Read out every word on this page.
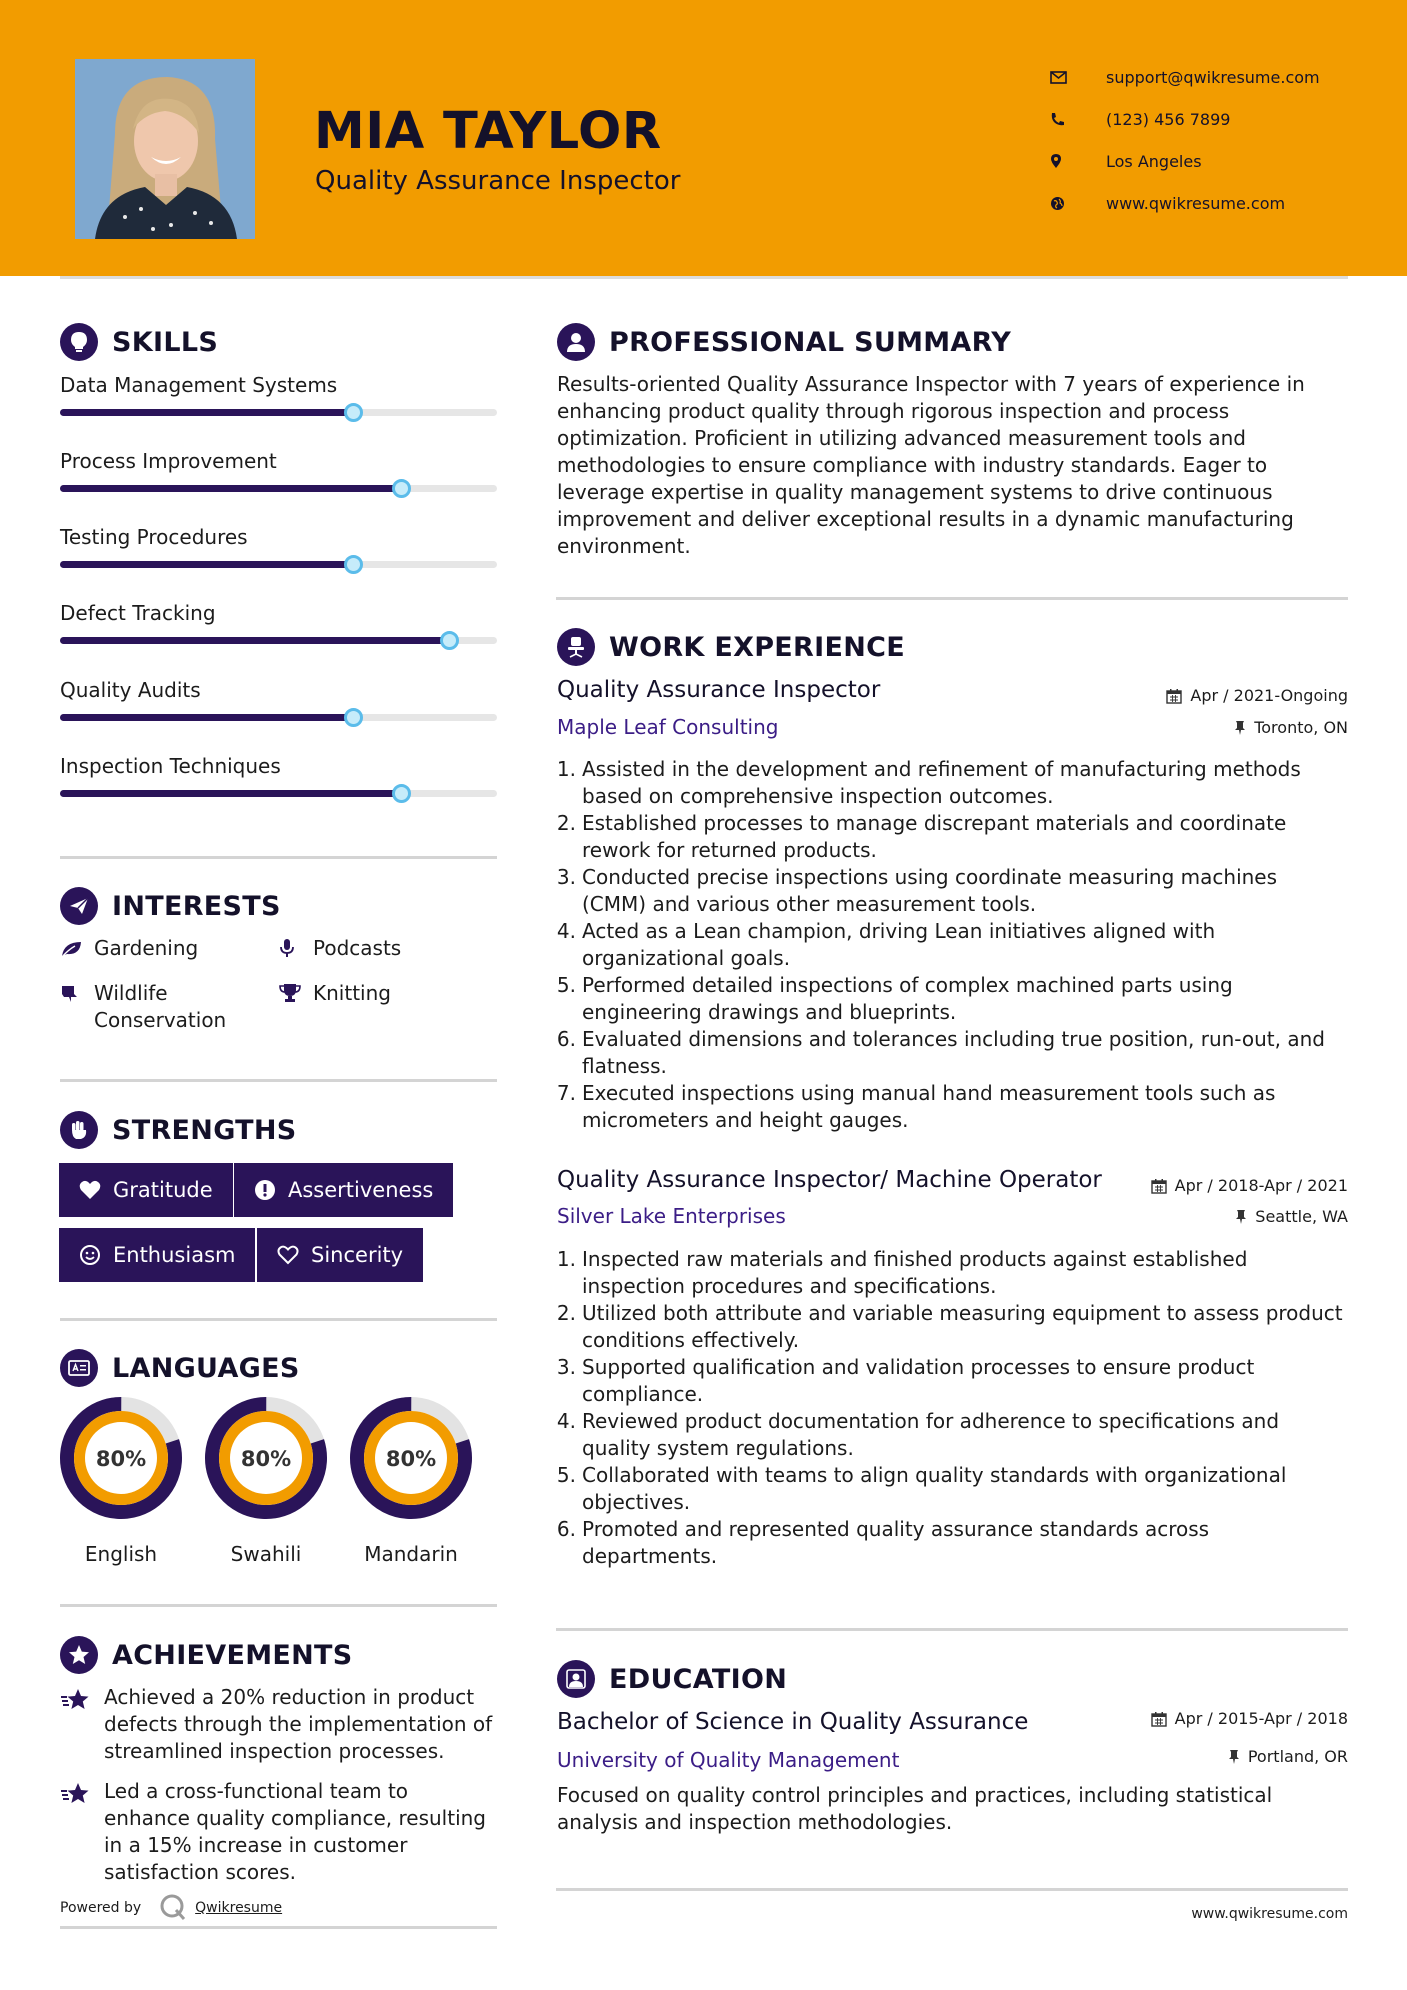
MIA TAYLOR
Quality Assurance Inspector
support@qwikresume.com
(123) 456 7899
Los Angeles
www.qwikresume.com
SKILLS
Data Management Systems
Process Improvement
Testing Procedures
Defect Tracking
Quality Audits
Inspection Techniques
INTERESTS
Gardening	Podcasts
Wildlife Conservation
Knitting
STRENGTHS
Gratitude	Assertiveness
Enthusiasm	Sincerity
LANGUAGES
80%
English
80%
Swahili
80%
Mandarin
ACHIEVEMENTS
Achieved a 20% reduction in product defects through the implementation of streamlined inspection processes.
Led a cross-functional team to enhance quality compliance, resulting in a 15% increase in customer satisfaction scores.
Powered by	Qwikresume
PROFESSIONAL SUMMARY
Results-oriented Quality Assurance Inspector with 7 years of experience in enhancing product quality through rigorous inspection and process optimization. Proficient in utilizing advanced measurement tools and methodologies to ensure compliance with industry standards. Eager to leverage expertise in quality management systems to drive continuous improvement and deliver exceptional results in a dynamic manufacturing environment.
WORK EXPERIENCE
Quality Assurance Inspector	Apr / 2021-Ongoing
Maple Leaf Consulting	Toronto, ON
1. Assisted in the development and refinement of manufacturing methods based on comprehensive inspection outcomes.
2. Established processes to manage discrepant materials and coordinate rework for returned products.
3. Conducted precise inspections using coordinate measuring machines (CMM) and various other measurement tools.
4. Acted as a Lean champion, driving Lean initiatives aligned with organizational goals.
5. Performed detailed inspections of complex machined parts using engineering drawings and blueprints.
6. Evaluated dimensions and tolerances including true position, run-out, and flatness.
7. Executed inspections using manual hand measurement tools such as micrometers and height gauges.
Quality Assurance Inspector/ Machine Operator	Apr / 2018-Apr / 2021
Silver Lake Enterprises	Seattle, WA
1. Inspected raw materials and finished products against established inspection procedures and specifications.
2. Utilized both attribute and variable measuring equipment to assess product conditions effectively.
3. Supported qualification and validation processes to ensure product compliance.
4. Reviewed product documentation for adherence to specifications and quality system regulations.
5. Collaborated with teams to align quality standards with organizational objectives.
6. Promoted and represented quality assurance standards across departments.
EDUCATION
Bachelor of Science in Quality Assurance	Apr / 2015-Apr / 2018
University of Quality Management	Portland, OR
Focused on quality control principles and practices, including statistical analysis and inspection methodologies.
www.qwikresume.com
